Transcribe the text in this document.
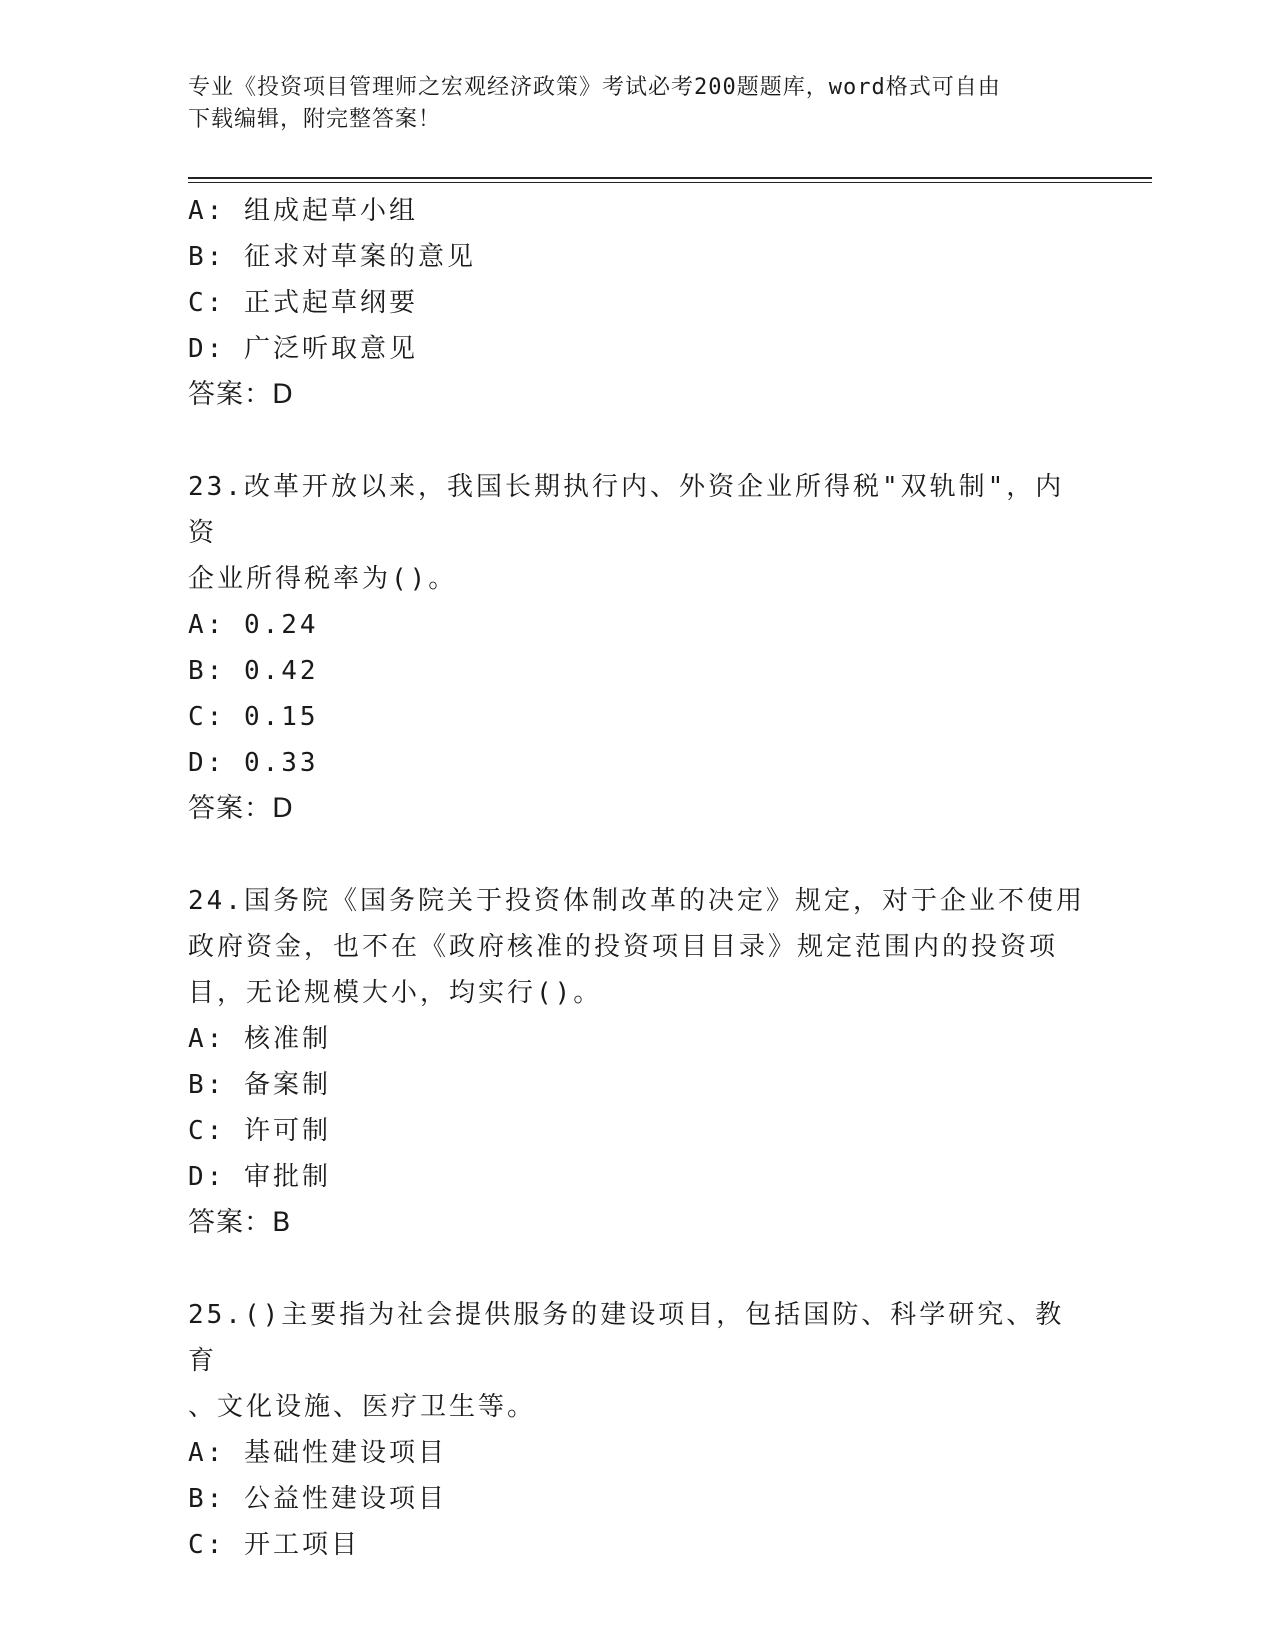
专业《投资项目管理师之宏观经济政策》考试必考200题题库，word格式可自由
下载编辑，附完整答案！
A: 组成起草小组
B: 征求对草案的意见
C: 正式起草纲要
D: 广泛听取意见
答案：D
23.改革开放以来，我国长期执行内、外资企业所得税"双轨制"，内资
企业所得税率为()。
A: 0.24
B: 0.42
C: 0.15
D: 0.33
答案：D
24.国务院《国务院关于投资体制改革的决定》规定，对于企业不使用
政府资金，也不在《政府核准的投资项目目录》规定范围内的投资项
目，无论规模大小，均实行()。
A: 核准制
B: 备案制
C: 许可制
D: 审批制
答案：B
25.()主要指为社会提供服务的建设项目，包括国防、科学研究、教育
、文化设施、医疗卫生等。
A: 基础性建设项目
B: 公益性建设项目
C: 开工项目
